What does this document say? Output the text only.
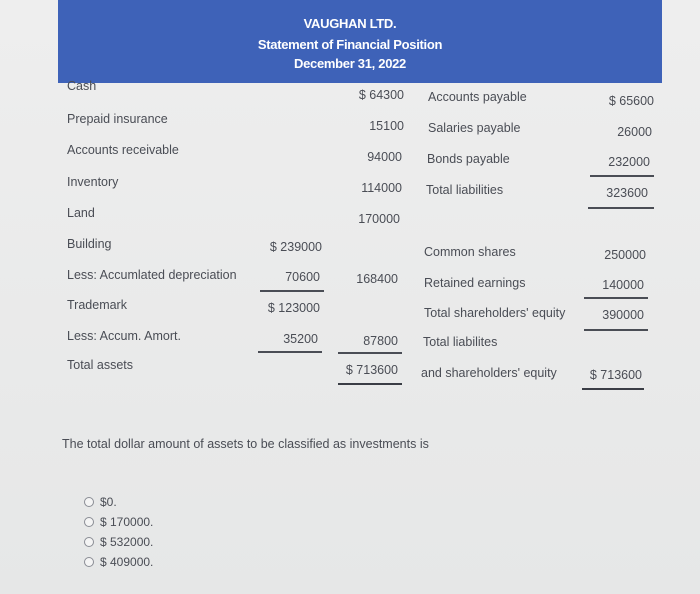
VAUGHAN LTD.
Statement of Financial Position
December 31, 2022
Cash
Prepaid insurance
Accounts receivable
Inventory
Land
Building
Less: Accumlated depreciation
Trademark
Less: Accum. Amort.
Total assets
$ 239000
70600
$ 123000
35200
$ 64300
15100
94000
114000
170000
168400
87800
$ 713600
Accounts payable
Salaries payable
Bonds payable
Total liabilities
Common shares
Retained earnings
Total shareholders' equity
Total liabilites
and shareholders' equity
$ 65600
26000
232000
323600
250000
140000
390000
$ 713600
The total dollar amount of assets to be classified as investments is
$0.
$ 170000.
$ 532000.
$ 409000.
